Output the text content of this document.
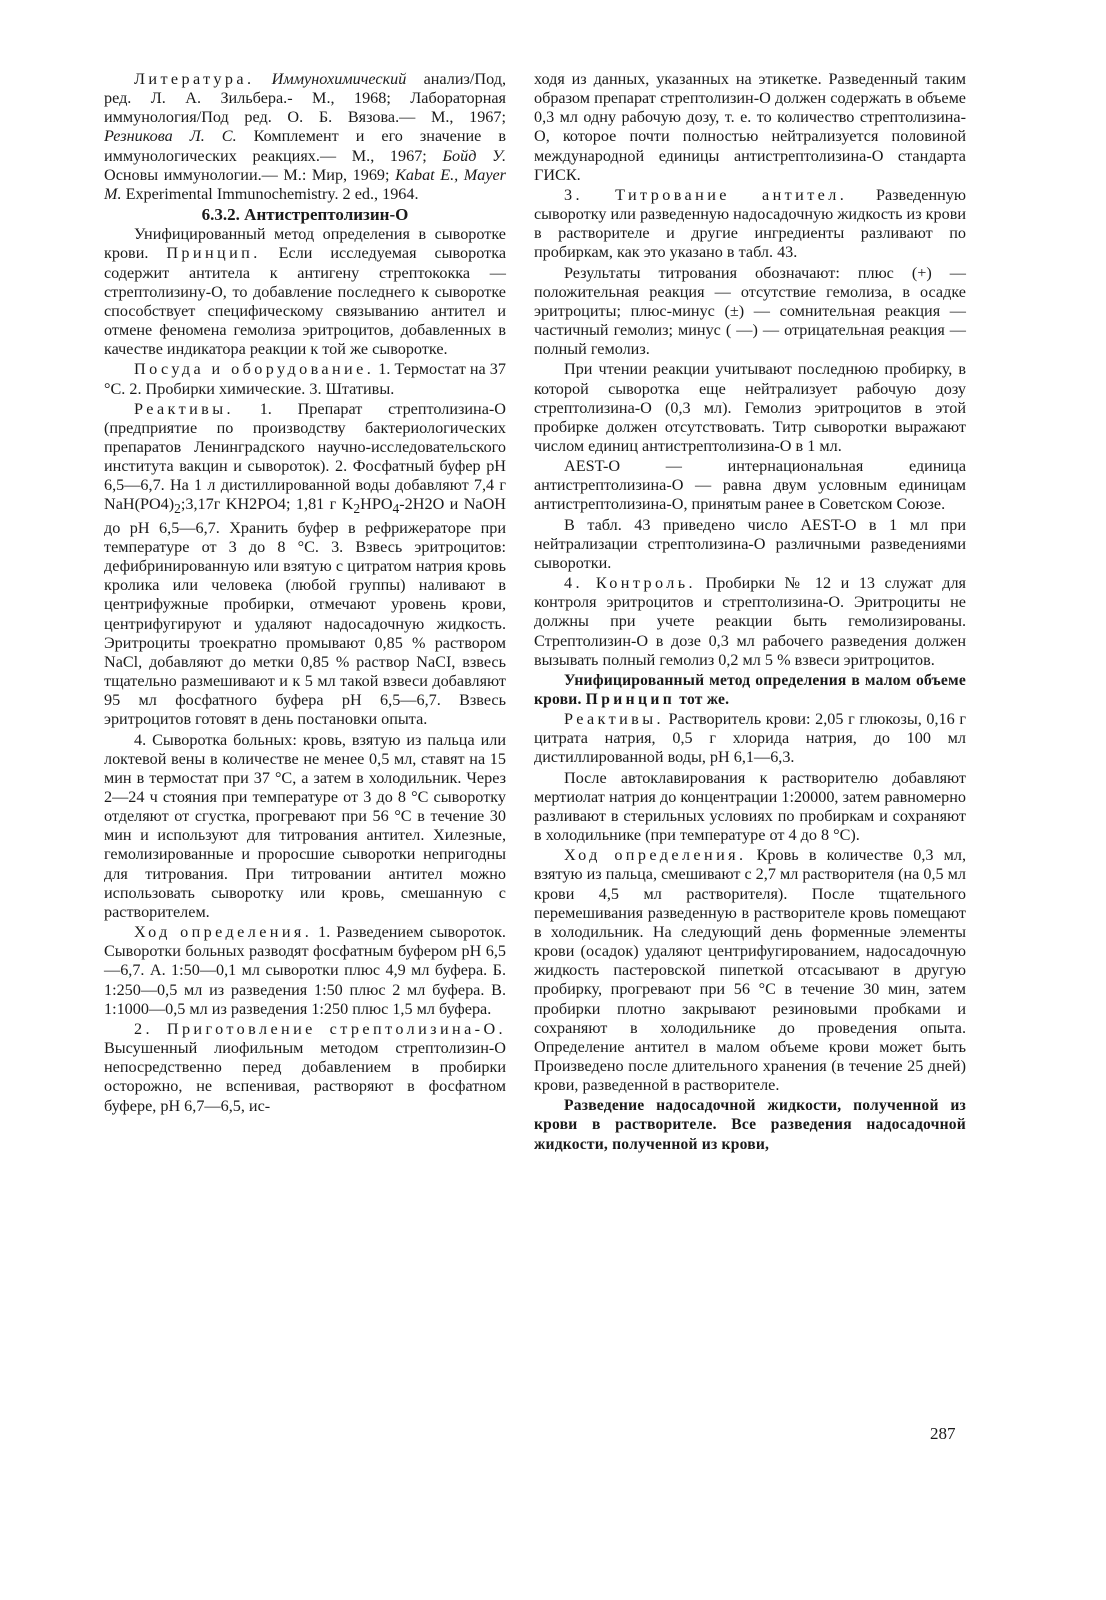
Литература. Иммунохимический анализ/Под, ред. Л. А. Зильбера.- М., 1968; Лабораторная иммунология/Под ред. О. Б. Вязова.— М., 1967; Резникова Л. С. Комплемент и его значение в иммунологических реакциях.— М., 1967; Бойд У. Основы иммунологии.— М.: Мир, 1969; Kabat E., Mayer M. Experimental Immunochemistry. 2 ed., 1964.

6.3.2. Антистрептолизин-О

Унифицированный метод определения в сыворотке крови. Принцип. Если исследуемая сыворотка содержит антитела к антигену стрептококка — стрептолизину-О, то добавление последнего к сыворотке способствует специфическому связыванию антител и отмене феномена гемолиза эритроцитов, добавленных в качестве индикатора реакции к той же сыворотке.

Посуда и оборудование. 1. Термостат на 37 °С. 2. Пробирки химические. 3. Штативы.

Реактивы. 1. Препарат стрептолизина-О (предприятие по производству бактериологических препаратов Ленинградского научно-исследовательского института вакцин и сывороток). 2. Фосфатный буфер рН 6,5—6,7. На 1 л дистиллированной воды добавляют 7,4 г $NaH(PO4)_2;3,17г$ KH2PO4; 1,81 г $K_2HPO_4-2H2O$ и NaOH до рН 6,5—6,7. Хранить буфер в рефрижераторе при температуре от 3 до 8 °С. 3. Взвесь эритроцитов: дефибринированную или взятую с цитратом натрия кровь кролика или человека (любой группы) наливают в центрифужные пробирки, отмечают уровень крови, центрифугируют и удаляют надосадочную жидкость. Эритроциты троекратно промывают 0,85 % раствором NaCl, добавляют до метки 0,85 % раствор NaCI, взвесь тщательно размешивают и к 5 мл такой взвеси добавляют 95 мл фосфатного буфера рН 6,5—6,7. Взвесь эритроцитов готовят в день постановки опыта.

4. Сыворотка больных: кровь, взятую из пальца или локтевой вены в количестве не менее 0,5 мл, ставят на 15 мин в термостат при 37 °С, а затем в холодильник. Через 2—24 ч стояния при температуре от 3 до 8 °С сыворотку отделяют от сгустка, прогревают при 56 °С в течение 30 мин и используют для титрования антител. Хилезные, гемолизированные и проросшие сыворотки непригодны для титрования. При титровании антител можно использовать сыворотку или кровь, смешанную с растворителем.

Ход определения. 1. Разведением сывороток. Сыворотки больных разводят фосфатным буфером рН 6,5—6,7. А. 1:50—0,1 мл сыворотки плюс 4,9 мл буфера. Б. 1:250—0,5 мл из разведения 1:50 плюс 2 мл буфера. В. 1:1000—0,5 мл из разведения 1:250 плюс 1,5 мл буфера.

2. Приготовление стрептолизина-О. Высушенный лиофильным методом стрептолизин-О непосредственно перед добавлением в пробирки осторожно, не вспенивая, растворяют в фосфатном буфере, рН 6,7—6,5, ис-

ходя из данных, указанных на этикетке. Разведенный таким образом препарат стрептолизин-О должен содержать в объеме 0,3 мл одну рабочую дозу, т. е. то количество стрептолизина-О, которое почти полностью нейтрализуется половиной международной единицы антистрептолизина-О стандарта ГИСК.

3. Титрование антител. Разведенную сыворотку или разведенную надосадочную жидкость из крови в растворителе и другие ингредиенты разливают по пробиркам, как это указано в табл. 43.

Результаты титрования обозначают: плюс (+) — положительная реакция — отсутствие гемолиза, в осадке эритроциты; плюс-минус (±) — сомнительная реакция — частичный гемолиз; минус ( —) — отрицательная реакция — полный гемолиз.

При чтении реакции учитывают последнюю пробирку, в которой сыворотка еще нейтрализует рабочую дозу стрептолизина-О (0,3 мл). Гемолиз эритроцитов в этой пробирке должен отсутствовать. Титр сыворотки выражают числом единиц антистрептолизина-О в 1 мл.

AEST-O — интернациональная единица антистрептолизина-О — равна двум условным единицам антистрептолизина-О, принятым ранее в Советском Союзе.

В табл. 43 приведено число AEST-O в 1 мл при нейтрализации стрептолизина-О различными разведениями сыворотки.

4. Контроль. Пробирки № 12 и 13 служат для контроля эритроцитов и стрептолизина-О. Эритроциты не должны при учете реакции быть гемолизированы. Стрептолизин-О в дозе 0,3 мл рабочего разведения должен вызывать полный гемолиз 0,2 мл 5 % взвеси эритроцитов.

Унифицированный метод определения в малом объеме крови. Принцип тот же.

Реактивы. Растворитель крови: 2,05 г глюкозы, 0,16 г цитрата натрия, 0,5 г хлорида натрия, до 100 мл дистиллированной воды, рН 6,1—6,3.

После автоклавирования к растворителю добавляют мертиолат натрия до концентрации 1:20000, затем равномерно разливают в стерильных условиях по пробиркам и сохраняют в холодильнике (при температуре от 4 до 8 °С).

Ход определения. Кровь в количестве 0,3 мл, взятую из пальца, смешивают с 2,7 мл растворителя (на 0,5 мл крови 4,5 мл растворителя). После тщательного перемешивания разведенную в растворителе кровь помещают в холодильник. На следующий день форменные элементы крови (осадок) удаляют центрифугированием, надосадочную жидкость пастеровской пипеткой отсасывают в другую пробирку, прогревают при 56 °С в течение 30 мин, затем пробирки плотно закрывают резиновыми пробками и сохраняют в холодильнике до проведения опыта. Определение антител в малом объеме крови может быть Произведено после длительного хранения (в течение 25 дней) крови, разведенной в растворителе.

Разведение надосадочной жидкости, полученной из крови в растворителе. Все разведения надосадочной жидкости, полученной из крови,

287
